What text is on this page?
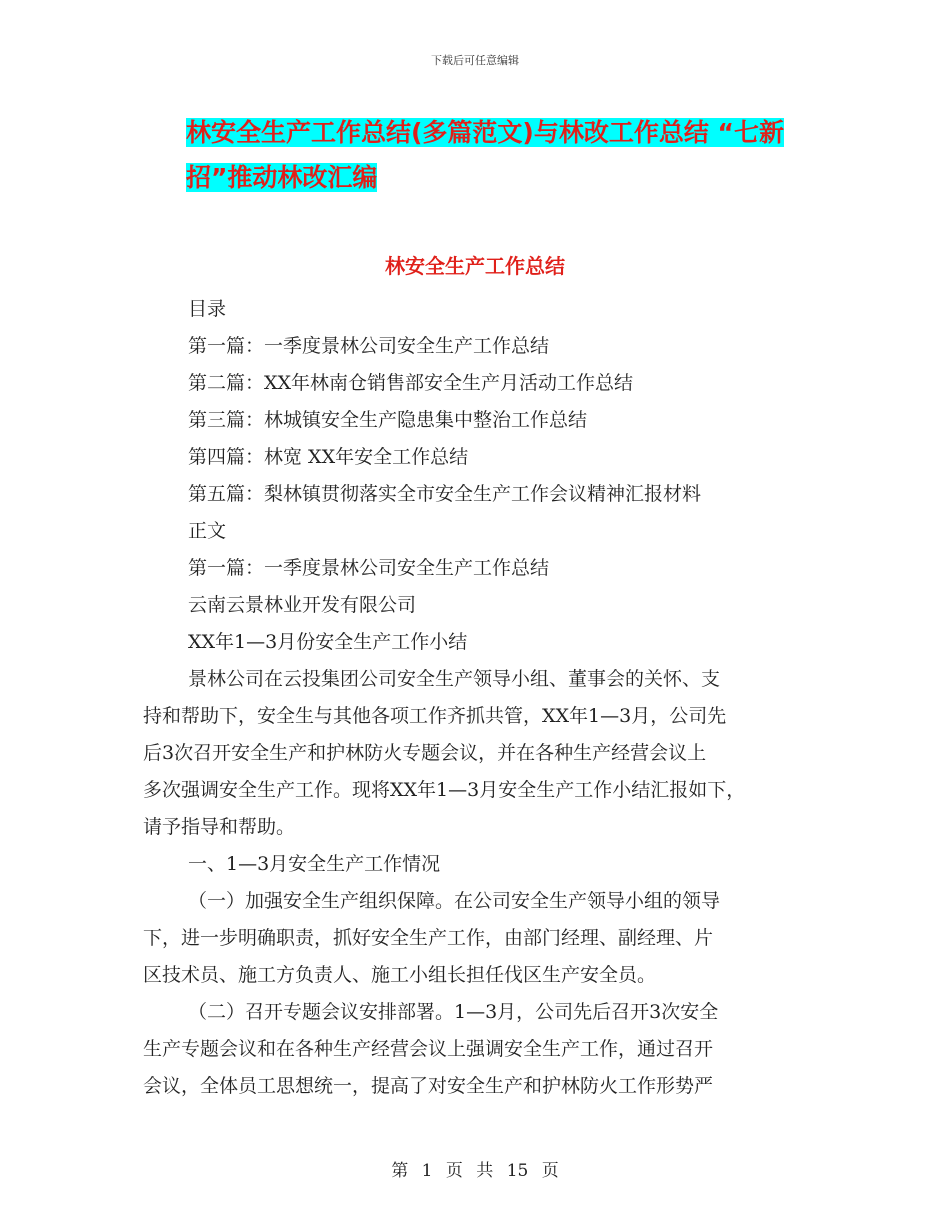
下载后可任意编辑
林安全生产工作总结(多篇范文)与林改工作总结 “七新招”推动林改汇编
林安全生产工作总结
目录
第一篇：一季度景林公司安全生产工作总结
第二篇：XX年林南仓销售部安全生产月活动工作总结
第三篇：林城镇安全生产隐患集中整治工作总结
第四篇：林宽 XX年安全工作总结
第五篇：梨林镇贯彻落实全市安全生产工作会议精神汇报材料
正文
第一篇：一季度景林公司安全生产工作总结
云南云景林业开发有限公司
XX年1—3月份安全生产工作小结
景林公司在云投集团公司安全生产领导小组、董事会的关怀、支
持和帮助下，安全生与其他各项工作齐抓共管，XX年1—3月，公司先
后3次召开安全生产和护林防火专题会议，并在各种生产经营会议上
多次强调安全生产工作。现将XX年1—3月安全生产工作小结汇报如下，
请予指导和帮助。
一、1—3月安全生产工作情况
（一）加强安全生产组织保障。在公司安全生产领导小组的领导
下，进一步明确职责，抓好安全生产工作，由部门经理、副经理、片
区技术员、施工方负责人、施工小组长担任伐区生产安全员。
（二）召开专题会议安排部署。1—3月，公司先后召开3次安全
生产专题会议和在各种生产经营会议上强调安全生产工作，通过召开
会议，全体员工思想统一，提高了对安全生产和护林防火工作形势严
第 1 页 共 15 页
